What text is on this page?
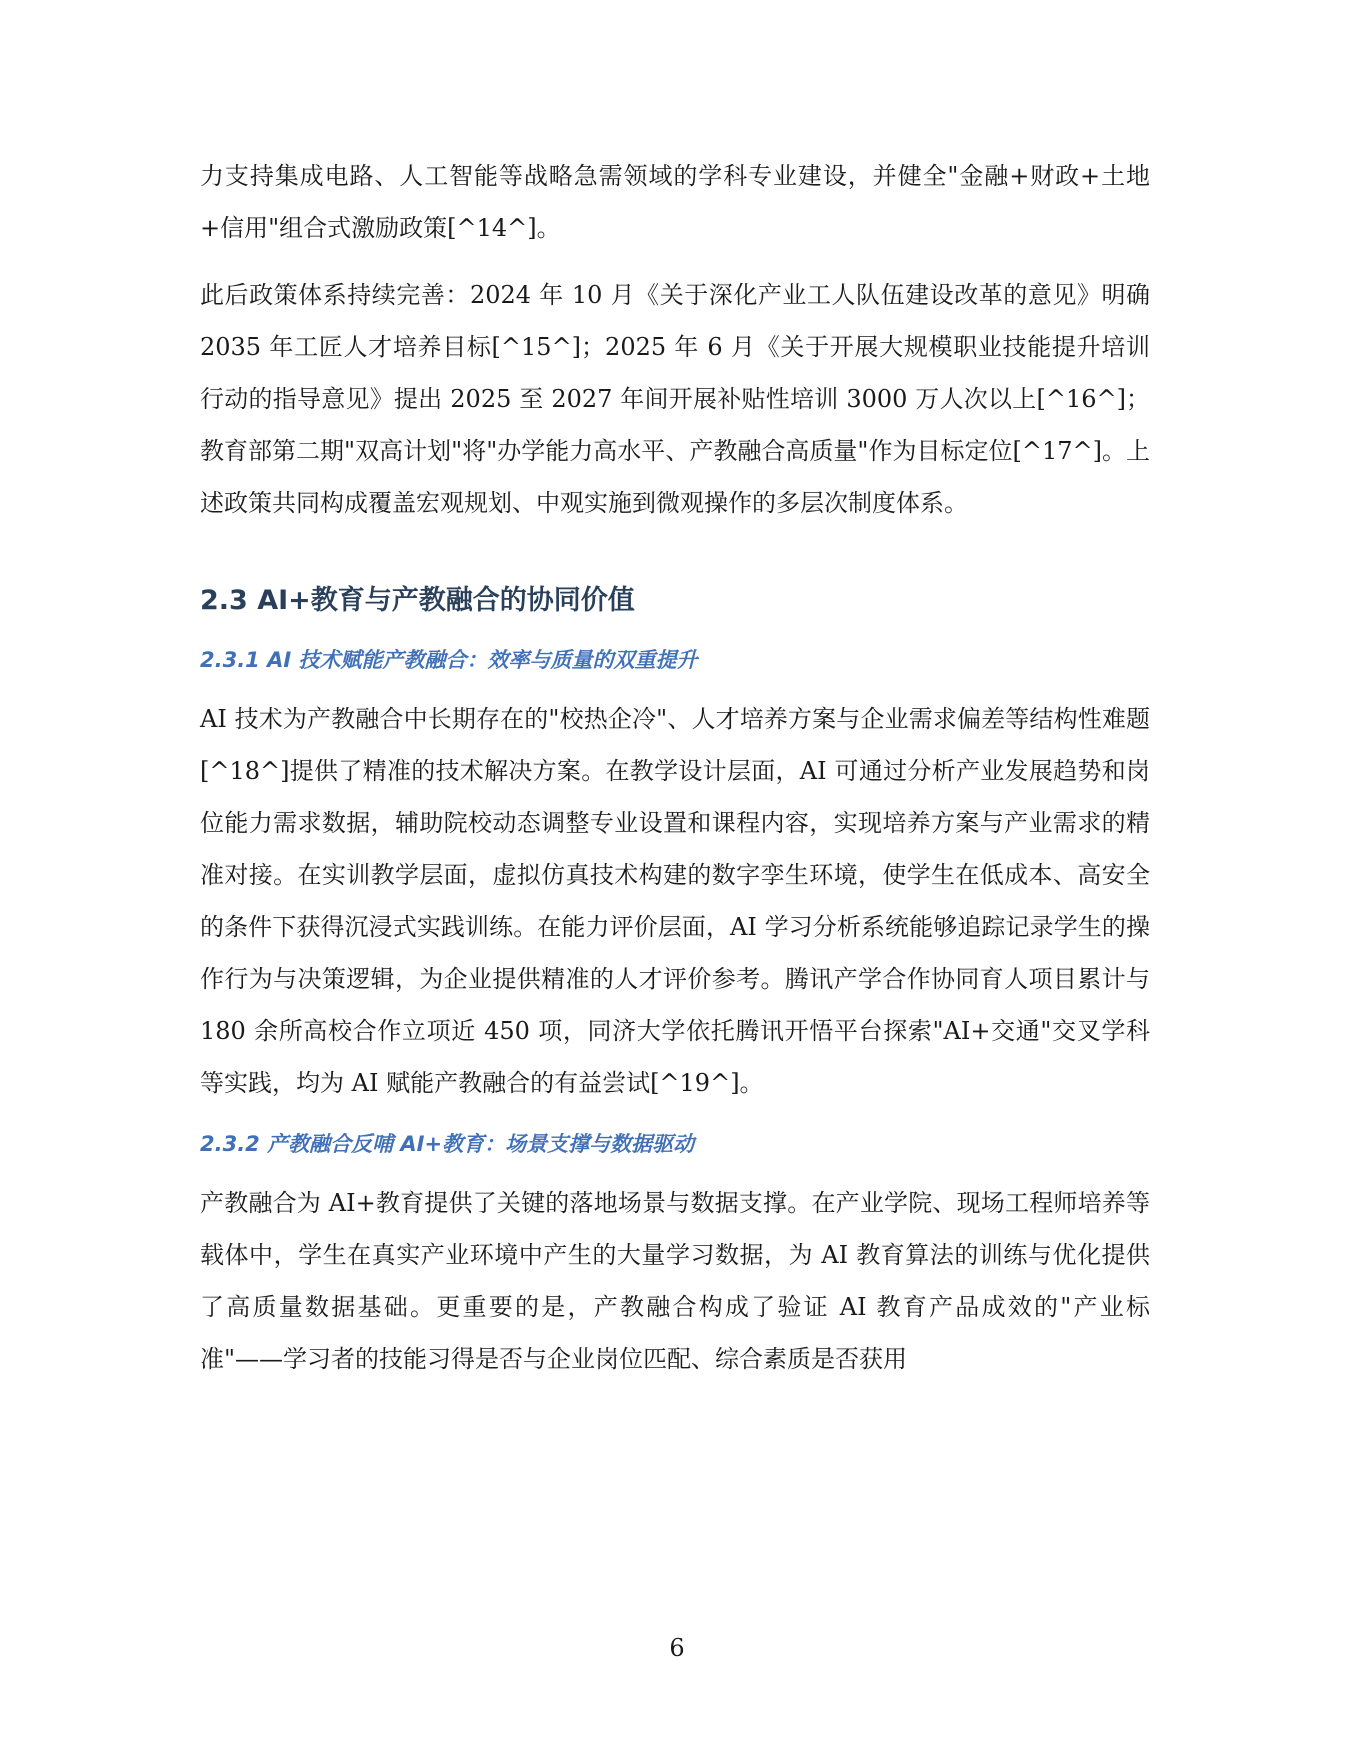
力支持集成电路、人工智能等战略急需领域的学科专业建设，并健全"金融+财政+土地+信用"组合式激励政策[^14^]。

此后政策体系持续完善：2024 年 10 月《关于深化产业工人队伍建设改革的意见》明确 2035 年工匠人才培养目标[^15^]；2025 年 6 月《关于开展大规模职业技能提升培训行动的指导意见》提出 2025 至 2027 年间开展补贴性培训 3000 万人次以上[^16^]；教育部第二期"双高计划"将"办学能力高水平、产教融合高质量"作为目标定位[^17^]。上述政策共同构成覆盖宏观规划、中观实施到微观操作的多层次制度体系。

2.3 AI+教育与产教融合的协同价值
2.3.1 AI 技术赋能产教融合：效率与质量的双重提升

AI 技术为产教融合中长期存在的"校热企冷"、人才培养方案与企业需求偏差等结构性难题[^18^]提供了精准的技术解决方案。在教学设计层面，AI 可通过分析产业发展趋势和岗位能力需求数据，辅助院校动态调整专业设置和课程内容，实现培养方案与产业需求的精准对接。在实训教学层面，虚拟仿真技术构建的数字孪生环境，使学生在低成本、高安全的条件下获得沉浸式实践训练。在能力评价层面，AI 学习分析系统能够追踪记录学生的操作行为与决策逻辑，为企业提供精准的人才评价参考。腾讯产学合作协同育人项目累计与 180 余所高校合作立项近 450 项，同济大学依托腾讯开悟平台探索"AI+交通"交叉学科等实践，均为 AI 赋能产教融合的有益尝试[^19^]。

2.3.2 产教融合反哺 AI+教育：场景支撑与数据驱动

产教融合为 AI+教育提供了关键的落地场景与数据支撑。在产业学院、现场工程师培养等载体中，学生在真实产业环境中产生的大量学习数据，为 AI 教育算法的训练与优化提供了高质量数据基础。更重要的是，产教融合构成了验证 AI 教育产品成效的"产业标准"——学习者的技能习得是否与企业岗位匹配、综合素质是否获用

6
